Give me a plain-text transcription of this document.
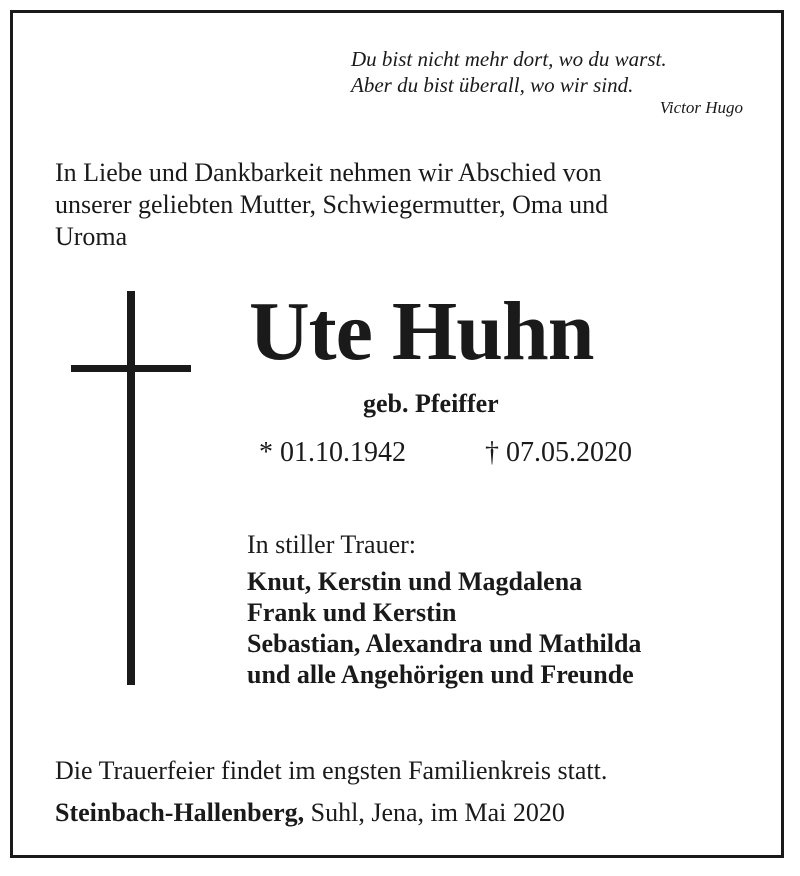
Du bist nicht mehr dort, wo du warst.
Aber du bist überall, wo wir sind.
Victor Hugo
In Liebe und Dankbarkeit nehmen wir Abschied von
unserer geliebten Mutter, Schwiegermutter, Oma und
Uroma
Ute Huhn
geb. Pfeiffer
* 01.10.1942	† 07.05.2020
In stiller Trauer:
Knut, Kerstin und Magdalena
Frank und Kerstin
Sebastian, Alexandra und Mathilda
und alle Angehörigen und Freunde
Die Trauerfeier findet im engsten Familienkreis statt.
Steinbach-Hallenberg, Suhl, Jena, im Mai 2020
